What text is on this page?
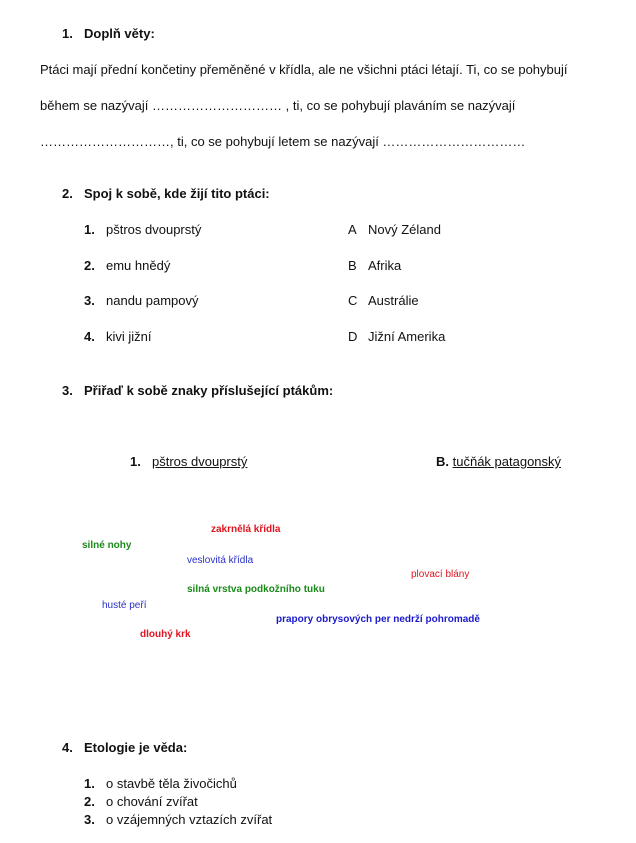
1. Doplň věty:
Ptáci mají přední končetiny přeměněné v křídla, ale ne všichni ptáci létají. Ti, co se pohybují
během se nazývají ………………………… , ti, co se pohybují plaváním se nazývají
…………………………, ti, co se pohybují letem se nazývají ……………………………
2. Spoj k sobě, kde žijí tito ptáci:
1. pštros dvouprstý
2. emu hnědý
3. nandu pampový
4. kivi jižní
A Nový Zéland
B Afrika
C Austrálie
D Jižní Amerika
3. Přiřaď k sobě znaky příslušející ptákům:
1. pštros dvouprstý	B. tučňák patagonský
zakrnělá křídla
silné nohy
veslovitá křídla
plovací blány
silná vrstva podkožního tuku
husté peří
prapory obrysových per nedrží pohromadě
dlouhý krk
4. Etologie je věda:
1. o stavbě těla živočichů
2. o chování zvířat
3. o vzájemných vztazích zvířat
